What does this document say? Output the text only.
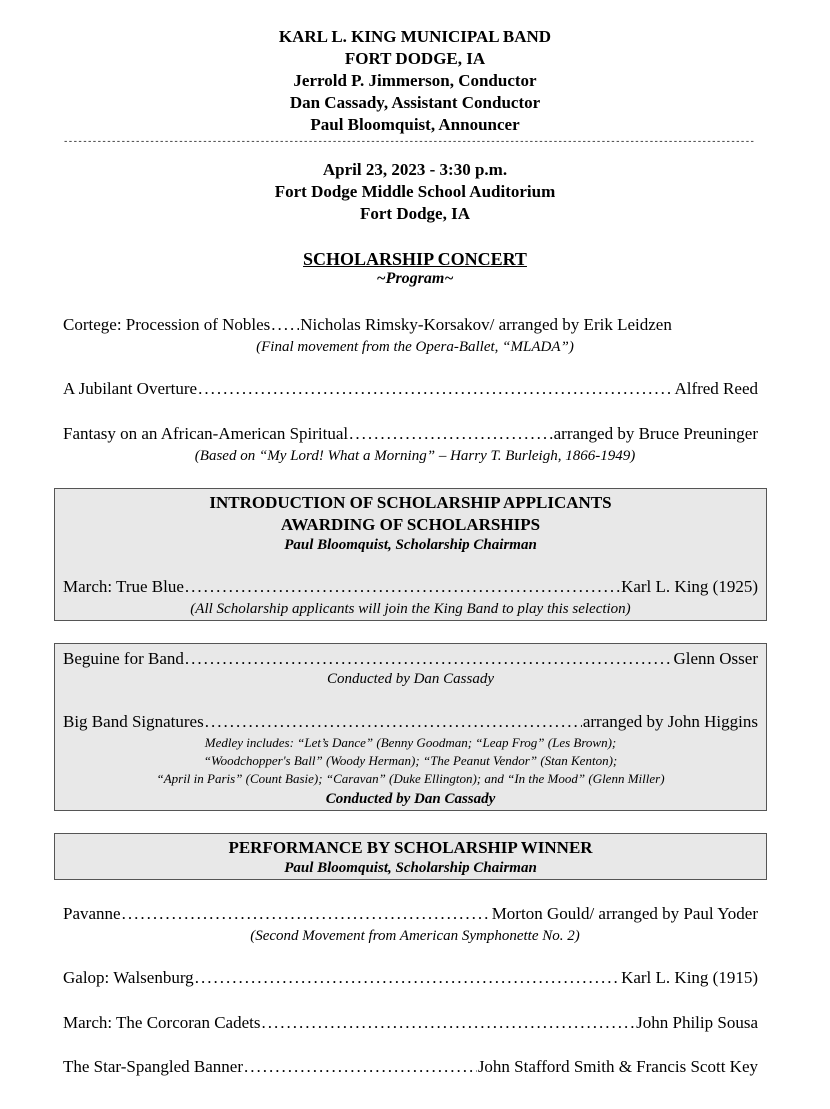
KARL L. KING MUNICIPAL BAND
FORT DODGE, IA
Jerrold P. Jimmerson, Conductor
Dan Cassady, Assistant Conductor
Paul Bloomquist, Announcer
------------------------------------------------------------------------------------------------------------------------------------------------
April 23, 2023 - 3:30 p.m.
Fort Dodge Middle School Auditorium
Fort Dodge, IA
SCHOLARSHIP CONCERT
~Program~
Cortege: Procession of Nobles ..... Nicholas Rimsky-Korsakov/ arranged by Erik Leidzen
(Final movement from the Opera-Ballet, “MLADA”)
A Jubilant Overture .....	Alfred Reed
Fantasy on an African-American Spiritual .....	arranged by Bruce Preuninger
(Based on “My Lord! What a Morning” – Harry T. Burleigh, 1866-1949)
INTRODUCTION OF SCHOLARSHIP APPLICANTS
AWARDING OF SCHOLARSHIPS
Paul Bloomquist, Scholarship Chairman
March: True Blue .....	Karl L. King (1925)
(All Scholarship applicants will join the King Band to play this selection)
Beguine for Band .....	Glenn Osser
Conducted by Dan Cassady
Big Band Signatures .....	arranged by John Higgins
Medley includes: “Let’s Dance” (Benny Goodman; “Leap Frog” (Les Brown);
“Woodchopper's Ball” (Woody Herman); “The Peanut Vendor” (Stan Kenton);
“April in Paris” (Count Basie); “Caravan” (Duke Ellington); and “In the Mood” (Glenn Miller)
Conducted by Dan Cassady
PERFORMANCE BY SCHOLARSHIP WINNER
Paul Bloomquist, Scholarship Chairman
Pavanne .....	Morton Gould/ arranged by Paul Yoder
(Second Movement from American Symphonette No. 2)
Galop: Walsenburg .....	Karl L. King (1915)
March: The Corcoran Cadets .....	John Philip Sousa
The Star-Spangled Banner .....	John Stafford Smith & Francis Scott Key
